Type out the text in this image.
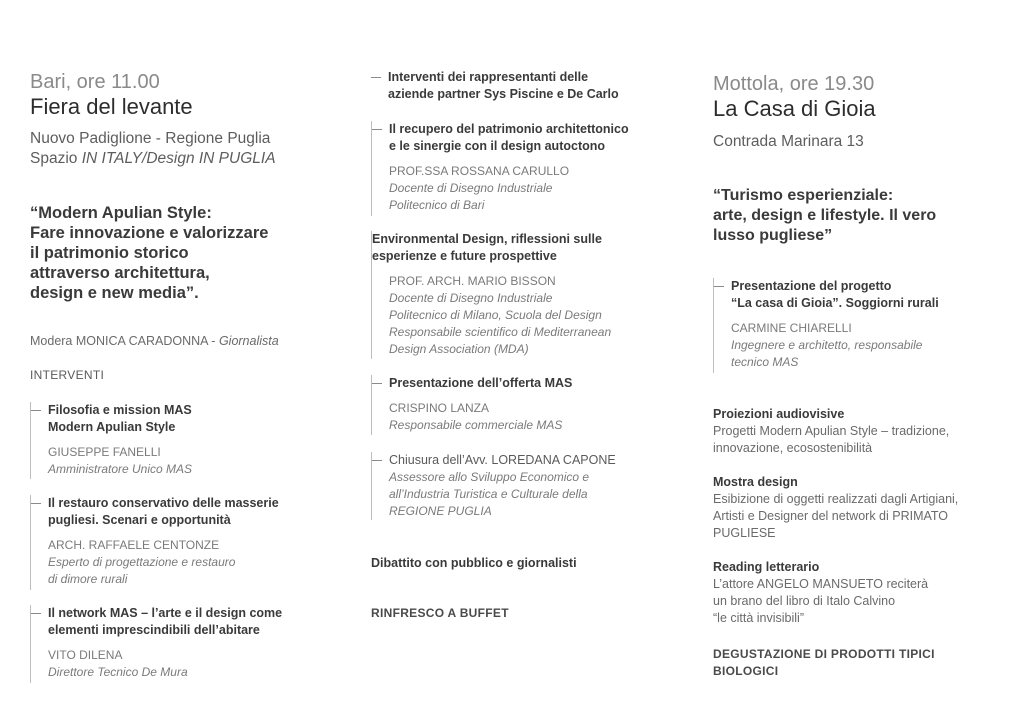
Bari, ore 11.00
Fiera del levante
Nuovo Padiglione - Regione Puglia
Spazio IN ITALY/Design IN PUGLIA
“Modern Apulian Style:
Fare innovazione e valorizzare
il patrimonio storico
attraverso architettura,
design e new media”.
Modera MONICA CARADONNA - Giornalista
INTERVENTI
Filosofia e mission MAS
Modern Apulian Style
GIUSEPPE FANELLI
Amministratore Unico MAS
Il restauro conservativo delle masserie
pugliesi. Scenari e opportunità
ARCH. RAFFAELE CENTONZE
Esperto di progettazione e restauro
di dimore rurali
Il network MAS – l’arte e il design come
elementi imprescindibili dell’abitare
VITO DILENA
Direttore Tecnico De Mura
Interventi dei rappresentanti delle
aziende partner Sys Piscine e De Carlo
Il recupero del patrimonio architettonico
e le sinergie con il design autoctono
PROF.SSA ROSSANA CARULLO
Docente di Disegno Industriale
Politecnico di Bari
Environmental Design, riflessioni sulle
esperienze e future prospettive
PROF. ARCH. MARIO BISSON
Docente di Disegno Industriale
Politecnico di Milano, Scuola del Design
Responsabile scientifico di Mediterranean
Design Association (MDA)
Presentazione dell’offerta MAS
CRISPINO LANZA
Responsabile commerciale MAS
Chiusura dell’Avv. LOREDANA CAPONE
Assessore allo Sviluppo Economico e
all’Industria Turistica e Culturale della
REGIONE PUGLIA
Dibattito con pubblico e giornalisti
RINFRESCO A BUFFET
Mottola, ore 19.30
La Casa di Gioia
Contrada Marinara 13
“Turismo esperienziale:
arte, design e lifestyle. Il vero
lusso pugliese”
Presentazione del progetto
“La casa di Gioia”. Soggiorni rurali
CARMINE CHIARELLI
Ingegnere e architetto, responsabile
tecnico MAS
Proiezioni audiovisive
Progetti Modern Apulian Style – tradizione,
innovazione, ecosostenibilità
Mostra design
Esibizione di oggetti realizzati dagli Artigiani,
Artisti e Designer del network di PRIMATO
PUGLIESE
Reading letterario
L’attore ANGELO MANSUETO reciterà
un brano del libro di Italo Calvino
“le città invisibili”
DEGUSTAZIONE DI PRODOTTI TIPICI
BIOLOGICI
